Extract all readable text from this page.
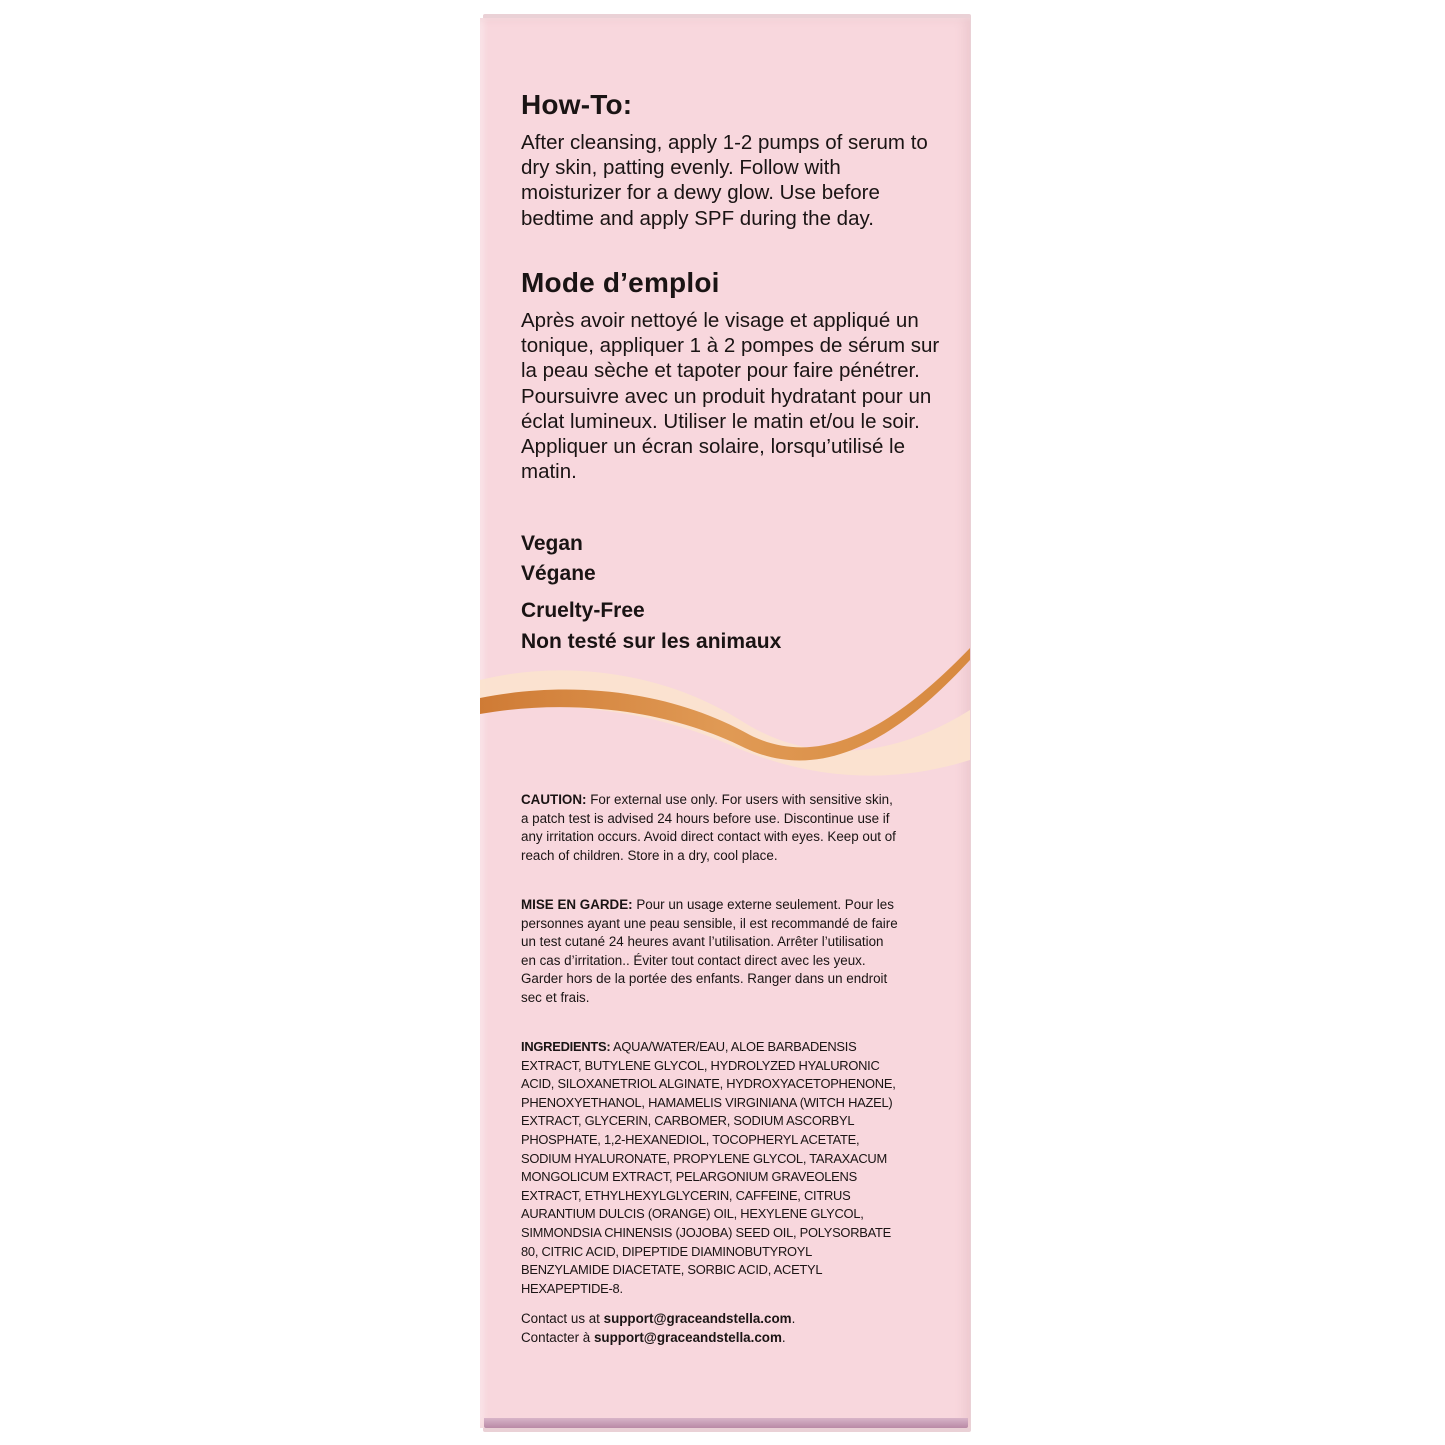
How-To:

After cleansing, apply 1-2 pumps of serum to dry skin, patting evenly. Follow with moisturizer for a dewy glow. Use before bedtime and apply SPF during the day.

Mode d’emploi

Après avoir nettoyé le visage et appliqué un tonique, appliquer 1 à 2 pompes de sérum sur la peau sèche et tapoter pour faire pénétrer. Poursuivre avec un produit hydratant pour un éclat lumineux. Utiliser le matin et/ou le soir. Appliquer un écran solaire, lorsqu’utilisé le matin.

Vegan
Végane
Cruelty-Free
Non testé sur les animaux

CAUTION: For external use only. For users with sensitive skin, a patch test is advised 24 hours before use. Discontinue use if any irritation occurs. Avoid direct contact with eyes. Keep out of reach of children. Store in a dry, cool place.

MISE EN GARDE: Pour un usage externe seulement. Pour les personnes ayant une peau sensible, il est recommandé de faire un test cutané 24 heures avant l’utilisation. Arrêter l’utilisation en cas d’irritation.. Éviter tout contact direct avec les yeux. Garder hors de la portée des enfants. Ranger dans un endroit sec et frais.

INGREDIENTS: AQUA/WATER/EAU, ALOE BARBADENSIS EXTRACT, BUTYLENE GLYCOL, HYDROLYZED HYALURONIC ACID, SILOXANETRIOL ALGINATE, HYDROXYACETOPHENONE, PHENOXYETHANOL, HAMAMELIS VIRGINIANA (WITCH HAZEL) EXTRACT, GLYCERIN, CARBOMER, SODIUM ASCORBYL PHOSPHATE, 1,2-HEXANEDIOL, TOCOPHERYL ACETATE, SODIUM HYALURONATE, PROPYLENE GLYCOL, TARAXACUM MONGOLICUM EXTRACT, PELARGONIUM GRAVEOLENS EXTRACT, ETHYLHEXYLGLYCERIN, CAFFEINE, CITRUS AURANTIUM DULCIS (ORANGE) OIL, HEXYLENE GLYCOL, SIMMONDSIA CHINENSIS (JOJOBA) SEED OIL, POLYSORBATE 80, CITRIC ACID, DIPEPTIDE DIAMINOBUTYROYL BENZYLAMIDE DIACETATE, SORBIC ACID, ACETYL HEXAPEPTIDE-8.

Contact us at support@graceandstella.com.
Contacter à support@graceandstella.com.
